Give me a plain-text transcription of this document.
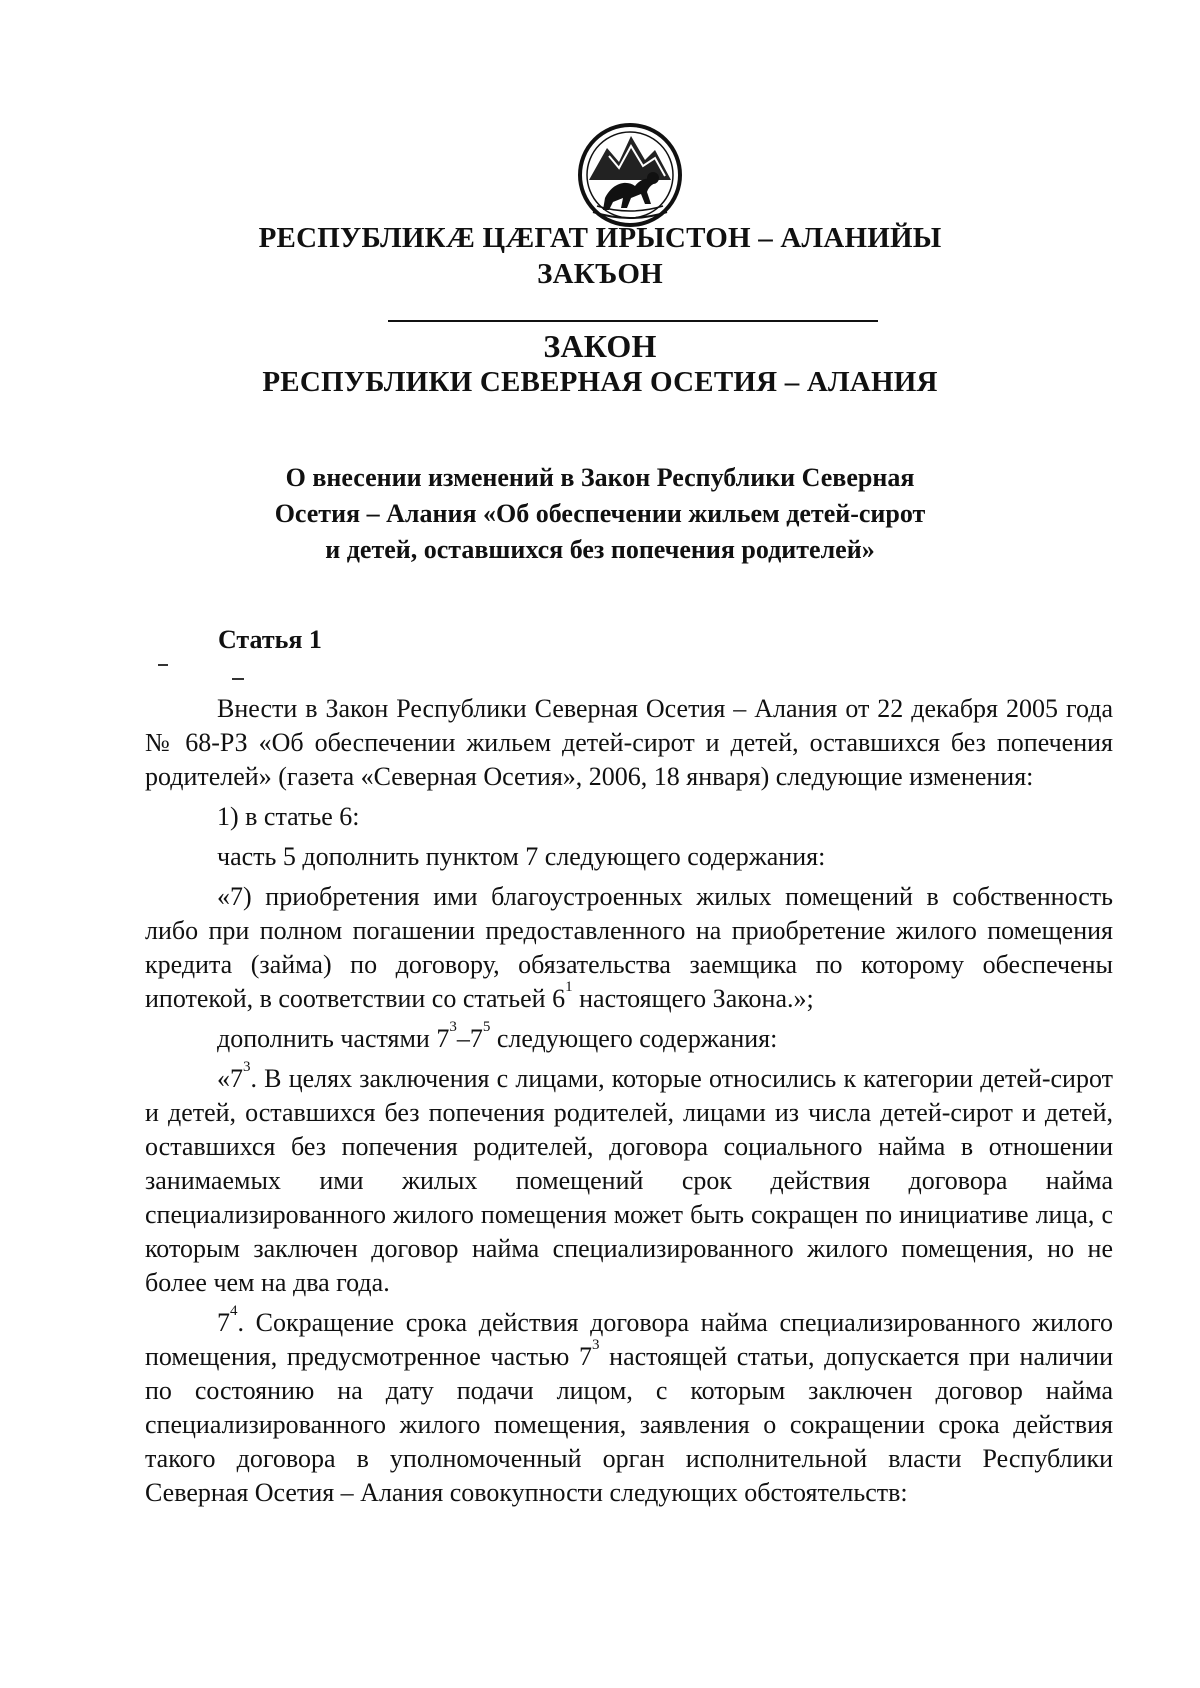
РЕСПУБЛИКÆ ЦÆГАТ ИРЫСТОН – АЛАНИЙЫ
ЗАКЪОН
ЗАКОН
РЕСПУБЛИКИ СЕВЕРНАЯ ОСЕТИЯ – АЛАНИЯ
О внесении изменений в Закон Республики Северная
Осетия – Алания «Об обеспечении жильем детей-сирот
и детей, оставшихся без попечения родителей»
Статья 1

Внести в Закон Республики Северная Осетия – Алания от 22 декабря 2005 года № 68-РЗ «Об обеспечении жильем детей-сирот и детей, оставшихся без попечения родителей» (газета «Северная Осетия», 2006, 18 января) следующие изменения:

1) в статье 6:

часть 5 дополнить пунктом 7 следующего содержания:

«7) приобретения ими благоустроенных жилых помещений в собственность либо при полном погашении предоставленного на приобретение жилого помещения кредита (займа) по договору, обязательства заемщика по которому обеспечены ипотекой, в соответствии со статьей $6^1$ настоящего Закона.»;

дополнить частями $7^3-7^5$ следующего содержания:

«$7^3$. В целях заключения с лицами, которые относились к категории детей-сирот и детей, оставшихся без попечения родителей, лицами из числа детей-сирот и детей, оставшихся без попечения родителей, договора социального найма в отношении занимаемых ими жилых помещений срок действия договора найма специализированного жилого помещения может быть сокращен по инициативе лица, с которым заключен договор найма специализированного жилого помещения, но не более чем на два года.

$7^4$. Сокращение срока действия договора найма специализированного жилого помещения, предусмотренное частью $7^3$ настоящей статьи, допускается при наличии по состоянию на дату подачи лицом, с которым заключен договор найма специализированного жилого помещения, заявления о сокращении срока действия такого договора в уполномоченный орган исполнительной власти Республики Северная Осетия – Алания совокупности следующих обстоятельств:
